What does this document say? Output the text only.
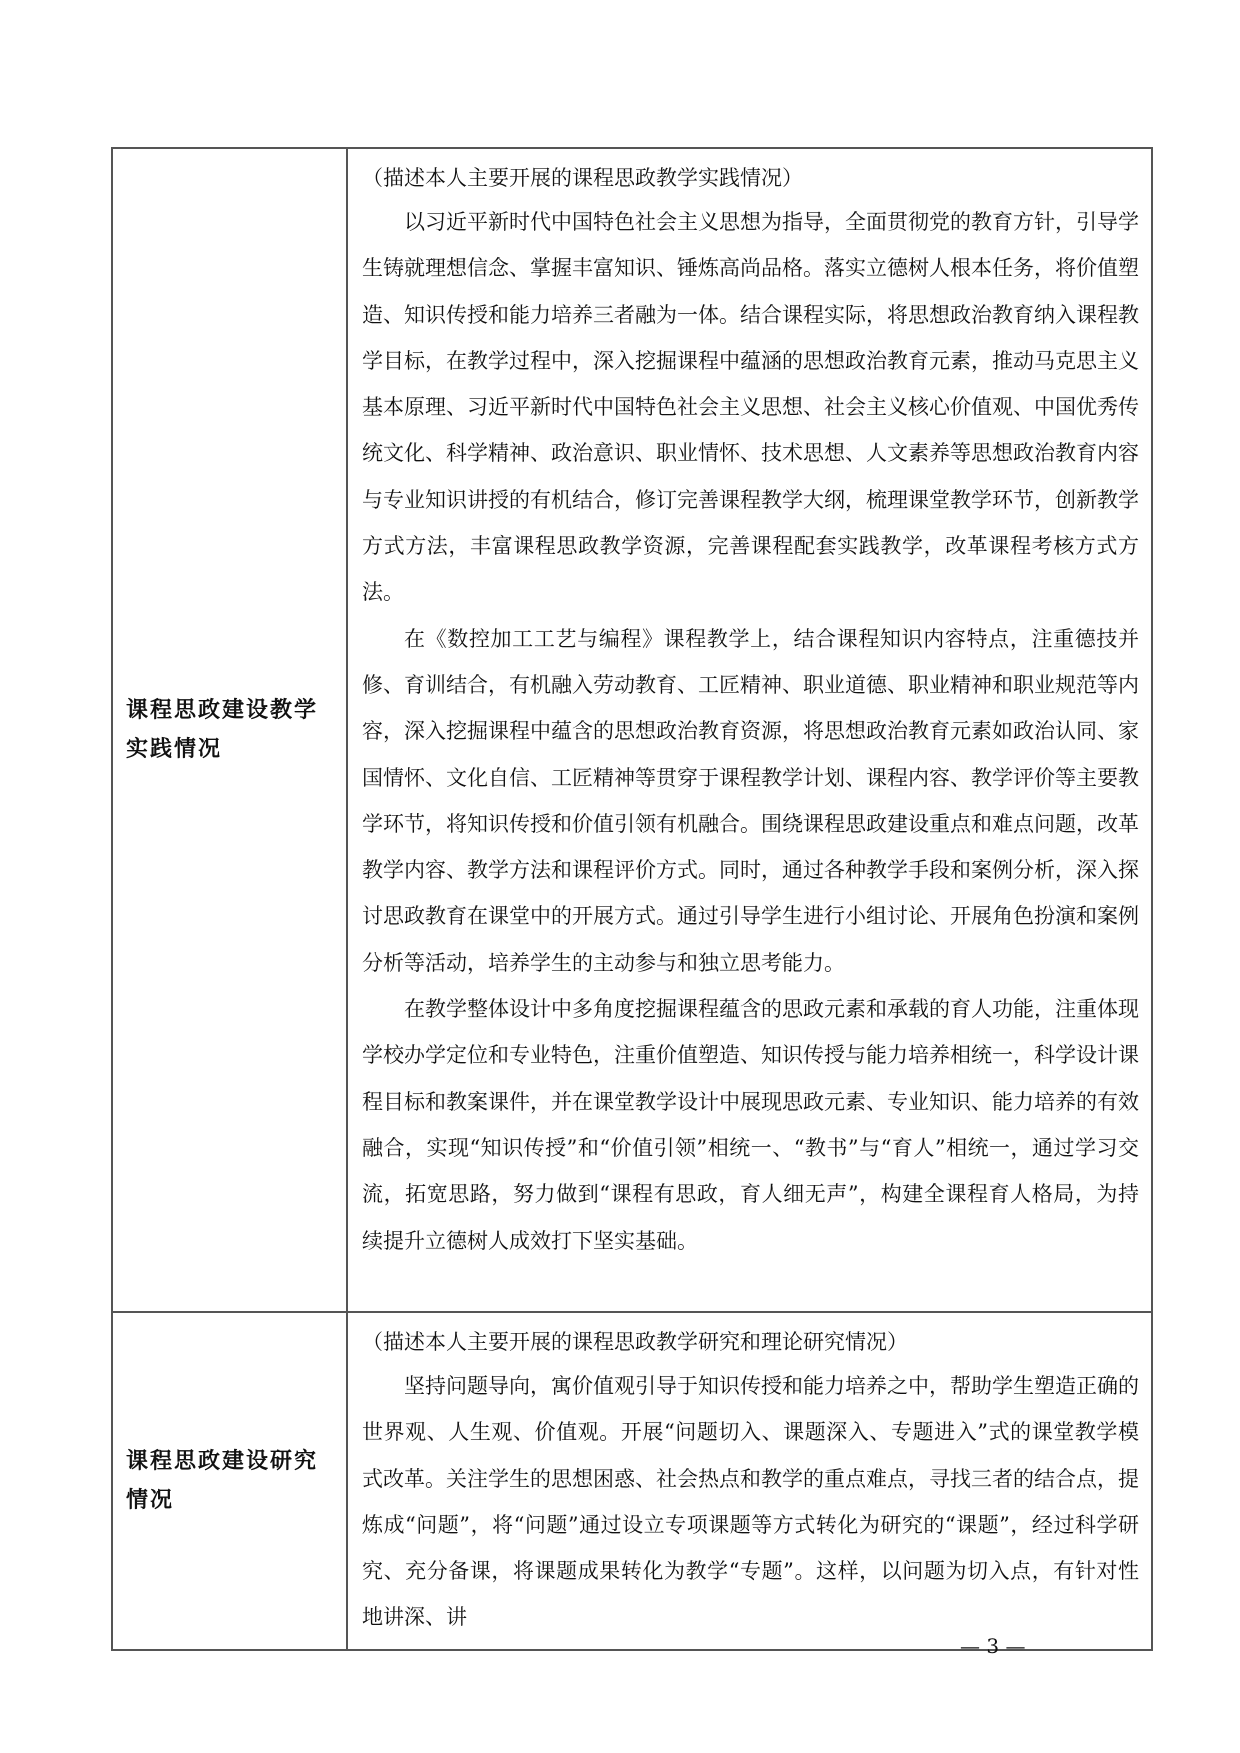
课程思政建设教学实践情况	（描述本人主要开展的课程思政教学实践情况）

以习近平新时代中国特色社会主义思想为指导，全面贯彻党的教育方针，引导学生铸就理想信念、掌握丰富知识、锤炼高尚品格。落实立德树人根本任务，将价值塑造、知识传授和能力培养三者融为一体。结合课程实际，将思想政治教育纳入课程教学目标，在教学过程中，深入挖掘课程中蕴涵的思想政治教育元素，推动马克思主义基本原理、习近平新时代中国特色社会主义思想、社会主义核心价值观、中国优秀传统文化、科学精神、政治意识、职业情怀、技术思想、人文素养等思想政治教育内容与专业知识讲授的有机结合，修订完善课程教学大纲，梳理课堂教学环节，创新教学方式方法，丰富课程思政教学资源，完善课程配套实践教学，改革课程考核方式方法。

在《数控加工工艺与编程》课程教学上，结合课程知识内容特点，注重德技并修、育训结合，有机融入劳动教育、工匠精神、职业道德、职业精神和职业规范等内容，深入挖掘课程中蕴含的思想政治教育资源，将思想政治教育元素如政治认同、家国情怀、文化自信、工匠精神等贯穿于课程教学计划、课程内容、教学评价等主要教学环节，将知识传授和价值引领有机融合。围绕课程思政建设重点和难点问题，改革教学内容、教学方法和课程评价方式。同时，通过各种教学手段和案例分析，深入探讨思政教育在课堂中的开展方式。通过引导学生进行小组讨论、开展角色扮演和案例分析等活动，培养学生的主动参与和独立思考能力。

在教学整体设计中多角度挖掘课程蕴含的思政元素和承载的育人功能，注重体现学校办学定位和专业特色，注重价值塑造、知识传授与能力培养相统一，科学设计课程目标和教案课件，并在课堂教学设计中展现思政元素、专业知识、能力培养的有效融合，实现“知识传授”和“价值引领”相统一、“教书”与“育人”相统一，通过学习交流，拓宽思路，努力做到“课程有思政，育人细无声”，构建全课程育人格局，为持续提升立德树人成效打下坚实基础。

课程思政建设研究情况	（描述本人主要开展的课程思政教学研究和理论研究情况）

坚持问题导向，寓价值观引导于知识传授和能力培养之中，帮助学生塑造正确的世界观、人生观、价值观。开展“问题切入、课题深入、专题进入”式的课堂教学模式改革。关注学生的思想困惑、社会热点和教学的重点难点，寻找三者的结合点，提炼成“问题”，将“问题”通过设立专项课题等方式转化为研究的“课题”，经过科学研究、充分备课，将课题成果转化为教学“专题”。这样，以问题为切入点，有针对性地讲深、讲

— 3 —
